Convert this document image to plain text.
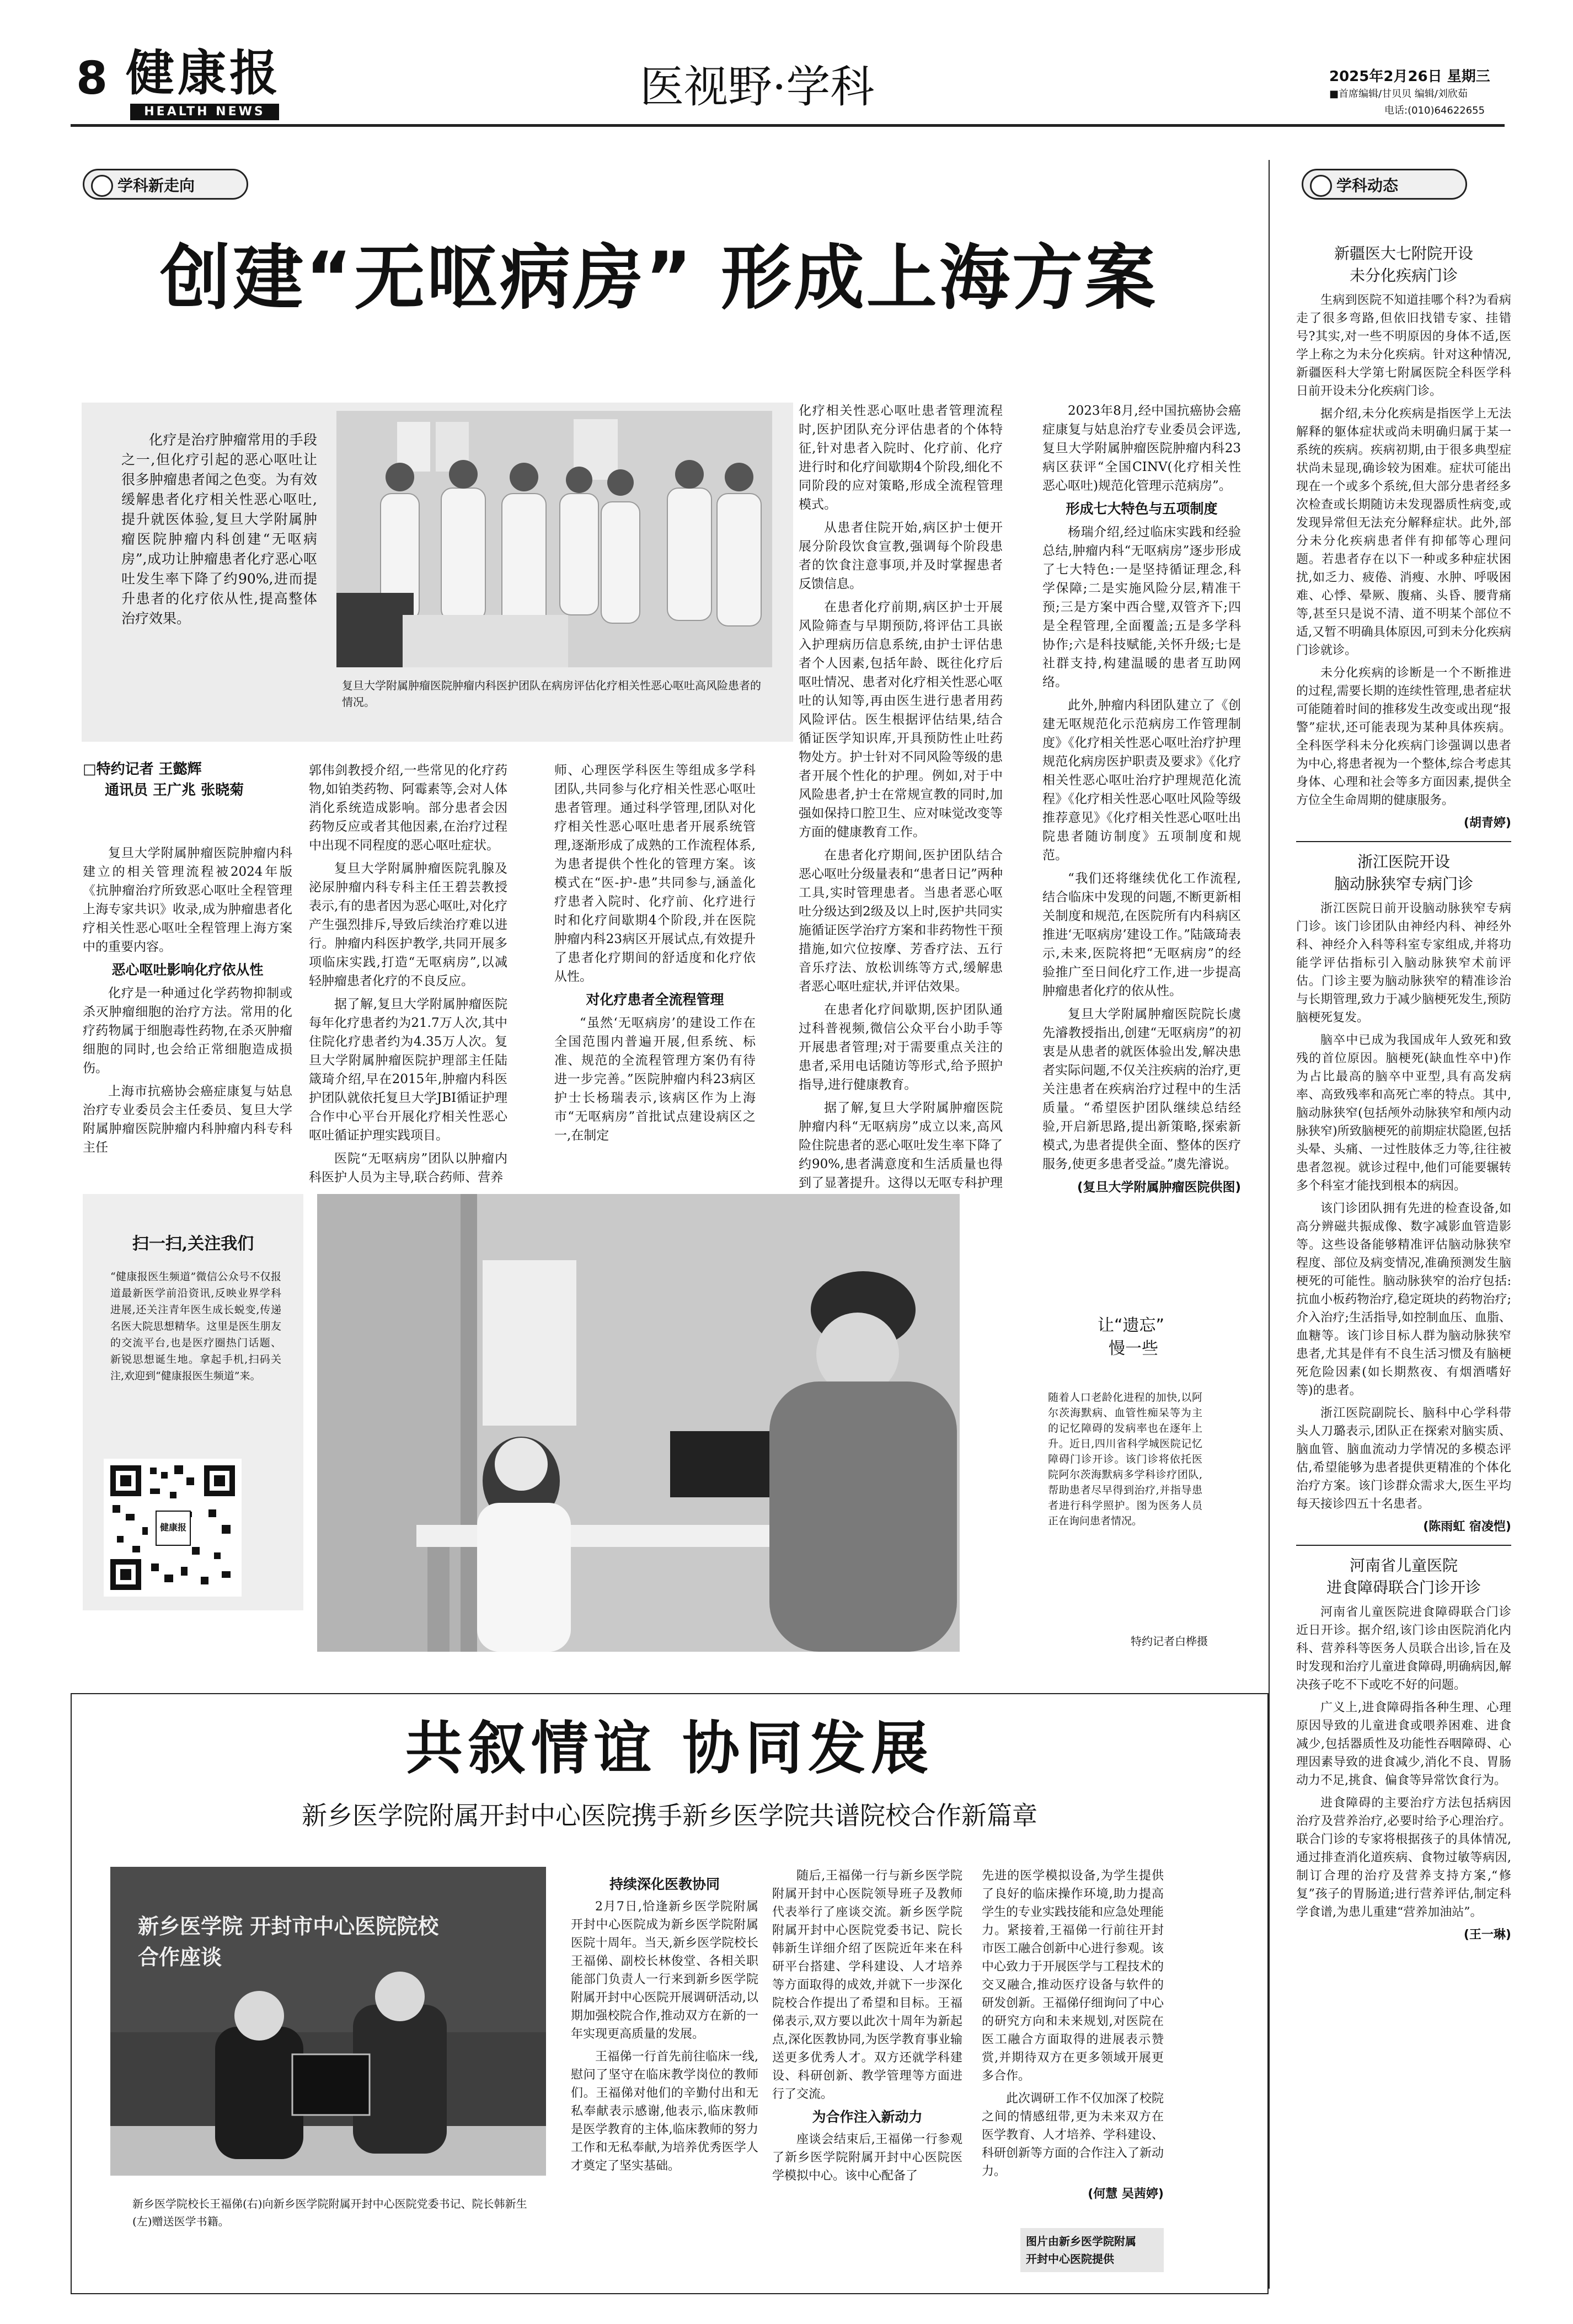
8 健康报
HEALTH NEWS	医视野·学科	2025年2月26日 星期三
■首席编辑/甘贝贝 编辑/刘欣茹
电话:(010)64622655
学科新走向	学科动态
创建“无呕病房” 形成上海方案

化疗是治疗肿瘤常用的手段之一,但化疗引起的恶心呕吐让很多肿瘤患者闻之色变。为有效缓解患者化疗相关性恶心呕吐,提升就医体验,复旦大学附属肿瘤医院肿瘤内科创建“无呕病房”,成功让肿瘤患者化疗恶心呕吐发生率下降了约90%,进而提升患者的化疗依从性,提高整体治疗效果。

复旦大学附属肿瘤医院肿瘤内科医护团队在病房评估化疗相关性恶心呕吐高风险患者的情况。
□特约记者 王懿辉
通讯员 王广兆 张晓菊

复旦大学附属肿瘤医院肿瘤内科建立的相关管理流程被2024年版《抗肿瘤治疗所致恶心呕吐全程管理上海专家共识》收录,成为肿瘤患者化疗相关性恶心呕吐全程管理上海方案中的重要内容。

恶心呕吐影响化疗依从性

化疗是一种通过化学药物抑制或杀灭肿瘤细胞的治疗方法。常用的化疗药物属于细胞毒性药物,在杀灭肿瘤细胞的同时,也会给正常细胞造成损伤。

上海市抗癌协会癌症康复与姑息治疗专业委员会主任委员、复旦大学附属肿瘤医院肿瘤内科肿瘤内科专科主任

郭伟剑教授介绍,一些常见的化疗药物,如铂类药物、阿霉素等,会对人体消化系统造成影响。部分患者会因药物反应或者其他因素,在治疗过程中出现不同程度的恶心呕吐症状。

复旦大学附属肿瘤医院乳腺及泌尿肿瘤内科专科主任王碧芸教授表示,有的患者因为恶心呕吐,对化疗产生强烈排斥,导致后续治疗难以进行。肿瘤内科医护教学,共同开展多项临床实践,打造“无呕病房”,以减轻肿瘤患者化疗的不良反应。

据了解,复旦大学附属肿瘤医院每年化疗患者约为21.7万人次,其中住院化疗患者约为4.35万人次。复旦大学附属肿瘤医院护理部主任陆箴琦介绍,早在2015年,肿瘤内科医护团队就依托复旦大学JBI循证护理合作中心平台开展化疗相关性恶心呕吐循证护理实践项目。

医院“无呕病房”团队以肿瘤内科医护人员为主导,联合药师、营养

师、心理医学科医生等组成多学科团队,共同参与化疗相关性恶心呕吐患者管理。通过科学管理,团队对化疗相关性恶心呕吐患者开展系统管理,逐渐形成了成熟的工作流程体系,为患者提供个性化的管理方案。该模式在“医-护-患”共同参与,涵盖化疗患者入院时、化疗前、化疗进行时和化疗间歇期4个阶段,并在医院肿瘤内科23病区开展试点,有效提升了患者化疗期间的舒适度和化疗依从性。

对化疗患者全流程管理

“虽然‘无呕病房’的建设工作在全国范围内普遍开展,但系统、标准、规范的全流程管理方案仍有待进一步完善。”医院肿瘤内科23病区护士长杨瑞表示,该病区作为上海市“无呕病房”首批试点建设病区之一,在制定

化疗相关性恶心呕吐患者管理流程时,医护团队充分评估患者的个体特征,针对患者入院时、化疗前、化疗进行时和化疗间歇期4个阶段,细化不同阶段的应对策略,形成全流程管理模式。

从患者住院开始,病区护士便开展分阶段饮食宣教,强调每个阶段患者的饮食注意事项,并及时掌握患者反馈信息。

在患者化疗前期,病区护士开展风险筛查与早期预防,将评估工具嵌入护理病历信息系统,由护士评估患者个人因素,包括年龄、既往化疗后呕吐情况、患者对化疗相关性恶心呕吐的认知等,再由医生进行患者用药风险评估。医生根据评估结果,结合循证医学知识库,开具预防性止吐药物处方。护士针对不同风险等级的患者开展个性化的护理。例如,对于中风险患者,护士在常规宣教的同时,加强如保持口腔卫生、应对味觉改变等方面的健康教育工作。

在患者化疗期间,医护团队结合恶心呕吐分级量表和“患者日记”两种工具,实时管理患者。当患者恶心呕吐分级达到2级及以上时,医护共同实施循证医学治疗方案和非药物性干预措施,如穴位按摩、芳香疗法、五行音乐疗法、放松训练等方式,缓解患者恶心呕吐症状,并评估效果。

在患者化疗间歇期,医护团队通过科普视频,微信公众平台小助手等开展患者管理;对于需要重点关注的患者,采用电话随访等形式,给予照护指导,进行健康教育。

据了解,复旦大学附属肿瘤医院肿瘤内科“无呕病房”成立以来,高风险住院患者的恶心呕吐发生率下降了约90%,患者满意度和生活质量也得到了显著提升。这得以无呕专科护理

2023年8月,经中国抗癌协会癌症康复与姑息治疗专业委员会评选,复旦大学附属肿瘤医院肿瘤内科23病区获评“全国CINV(化疗相关性恶心呕吐)规范化管理示范病房”。

形成七大特色与五项制度

杨瑞介绍,经过临床实践和经验总结,肿瘤内科“无呕病房”逐步形成了七大特色:一是坚持循证理念,科学保障;二是实施风险分层,精准干预;三是方案中西合璧,双管齐下;四是全程管理,全面覆盖;五是多学科协作;六是科技赋能,关怀升级;七是社群支持,构建温暖的患者互助网络。

此外,肿瘤内科团队建立了《创建无呕规范化示范病房工作管理制度》《化疗相关性恶心呕吐治疗护理规范化病房医护职责及要求》《化疗相关性恶心呕吐治疗护理规范化流程》《化疗相关性恶心呕吐风险等级推荐意见》《化疗相关性恶心呕吐出院患者随访制度》五项制度和规范。

“我们还将继续优化工作流程,结合临床中发现的问题,不断更新相关制度和规范,在医院所有内科病区推进‘无呕病房’建设工作。”陆箴琦表示,未来,医院将把“无呕病房”的经验推广至日间化疗工作,进一步提高肿瘤患者化疗的依从性。

复旦大学附属肿瘤医院院长虞先濬教授指出,创建“无呕病房”的初衷是从患者的就医体验出发,解决患者实际问题,不仅关注疾病的治疗,更关注患者在疾病治疗过程中的生活质量。“希望医护团队继续总结经验,开启新思路,提出新策略,探索新模式,为患者提供全面、整体的医疗服务,使更多患者受益。”虞先濬说。

(复旦大学附属肿瘤医院供图)

扫一扫,关注我们
“健康报医生频道”微信公众号不仅报道最新医学前沿资讯,反映业界学科进展,还关注青年医生成长蜕变,传递名医大院思想精华。这里是医生朋友的交流平台,也是医疗圈热门话题、新锐思想诞生地。拿起手机,扫码关注,欢迎到“健康报医生频道”来。
健康报
让“遗忘”
慢一些
随着人口老龄化进程的加快,以阿尔茨海默病、血管性痴呆等为主的记忆障碍的发病率也在逐年上升。近日,四川省科学城医院记忆障碍门诊开诊。该门诊将依托医院阿尔茨海默病多学科诊疗团队,帮助患者尽早得到治疗,并指导患者进行科学照护。图为医务人员正在询问患者情况。
特约记者白桦摄

新疆医大七附院开设

未分化疾病门诊

生病到医院不知道挂哪个科?为看病走了很多弯路,但依旧找错专家、挂错号?其实,对一些不明原因的身体不适,医学上称之为未分化疾病。针对这种情况,新疆医科大学第七附属医院全科医学科日前开设未分化疾病门诊。

据介绍,未分化疾病是指医学上无法解释的躯体症状或尚未明确归属于某一系统的疾病。疾病初期,由于很多典型症状尚未显现,确诊较为困难。症状可能出现在一个或多个系统,但大部分患者经多次检查或长期随访未发现器质性病变,或发现异常但无法充分解释症状。此外,部分未分化疾病患者伴有抑郁等心理问题。若患者存在以下一种或多种症状困扰,如乏力、疲倦、消瘦、水肿、呼吸困难、心悸、晕厥、腹痛、头昏、腰背痛等,甚至只是说不清、道不明某个部位不适,又暂不明确具体原因,可到未分化疾病门诊就诊。

未分化疾病的诊断是一个不断推进的过程,需要长期的连续性管理,患者症状可能随着时间的推移发生改变或出现“报警”症状,还可能表现为某种具体疾病。全科医学科未分化疾病门诊强调以患者为中心,将患者视为一个整体,综合考虑其身体、心理和社会等多方面因素,提供全方位全生命周期的健康服务。

(胡青婷)

浙江医院开设

脑动脉狭窄专病门诊

浙江医院日前开设脑动脉狭窄专病门诊。该门诊团队由神经内科、神经外科、神经介入科等科室专家组成,并将功能学评估指标引入脑动脉狭窄术前评估。门诊主要为脑动脉狭窄的精准诊治与长期管理,致力于减少脑梗死发生,预防脑梗死复发。

脑卒中已成为我国成年人致死和致残的首位原因。脑梗死(缺血性卒中)作为占比最高的脑卒中亚型,具有高发病率、高致残率和高死亡率的特点。其中,脑动脉狭窄(包括颅外动脉狭窄和颅内动脉狭窄)所致脑梗死的前期症状隐匿,包括头晕、头痛、一过性肢体乏力等,往往被患者忽视。就诊过程中,他们可能要辗转多个科室才能找到根本的病因。

该门诊团队拥有先进的检查设备,如高分辨磁共振成像、数字减影血管造影等。这些设备能够精准评估脑动脉狭窄程度、部位及病变情况,准确预测发生脑梗死的可能性。脑动脉狭窄的治疗包括:抗血小板药物治疗,稳定斑块的药物治疗;介入治疗;生活指导,如控制血压、血脂、血糖等。该门诊目标人群为脑动脉狭窄患者,尤其是伴有不良生活习惯及有脑梗死危险因素(如长期熬夜、有烟酒嗜好等)的患者。

浙江医院副院长、脑科中心学科带头人刀璐表示,团队正在探索对脑实质、脑血管、脑血流动力学情况的多模态评估,希望能够为患者提供更精准的个体化治疗方案。该门诊群众需求大,医生平均每天接诊四五十名患者。

(陈雨虹 宿凌恺)

河南省儿童医院

进食障碍联合门诊开诊

河南省儿童医院进食障碍联合门诊近日开诊。据介绍,该门诊由医院消化内科、营养科等医务人员联合出诊,旨在及时发现和治疗儿童进食障碍,明确病因,解决孩子吃不下或吃不好的问题。

广义上,进食障碍指各种生理、心理原因导致的儿童进食或喂养困难、进食减少,包括器质性及功能性吞咽障碍、心理因素导致的进食减少,消化不良、胃肠动力不足,挑食、偏食等异常饮食行为。

进食障碍的主要治疗方法包括病因治疗及营养治疗,必要时给予心理治疗。联合门诊的专家将根据孩子的具体情况,通过排查消化道疾病、食物过敏等病因,制订合理的治疗及营养支持方案,“修复”孩子的胃肠道;进行营养评估,制定科学食谱,为患儿重建“营养加油站”。

(王一琳)

共叙情谊 协同发展
新乡医学院附属开封中心医院携手新乡医学院共谱院校合作新篇章
新乡医学院 开封市中心医院院校合作座谈
新乡医学院校长王福俤(右)向新乡医学院附属开封中心医院党委书记、院长韩新生(左)赠送医学书籍。

持续深化医教协同

2月7日,恰逢新乡医学院附属开封中心医院成为新乡医学院附属医院十周年。当天,新乡医学院校长王福俤、副校长林俊堂、各相关职能部门负责人一行来到新乡医学院附属开封中心医院开展调研活动,以期加强校院合作,推动双方在新的一年实现更高质量的发展。

王福俤一行首先前往临床一线,慰问了坚守在临床教学岗位的教师们。王福俤对他们的辛勤付出和无私奉献表示感谢,他表示,临床教师是医学教育的主体,临床教师的努力工作和无私奉献,为培养优秀医学人才奠定了坚实基础。

随后,王福俤一行与新乡医学院附属开封中心医院领导班子及教师代表举行了座谈交流。新乡医学院附属开封中心医院党委书记、院长韩新生详细介绍了医院近年来在科研平台搭建、学科建设、人才培养等方面取得的成效,并就下一步深化院校合作提出了希望和目标。王福俤表示,双方要以此次十周年为新起点,深化医教协同,为医学教育事业输送更多优秀人才。双方还就学科建设、科研创新、教学管理等方面进行了交流。

为合作注入新动力

座谈会结束后,王福俤一行参观了新乡医学院附属开封中心医院医学模拟中心。该中心配备了

先进的医学模拟设备,为学生提供了良好的临床操作环境,助力提高学生的专业实践技能和应急处理能力。紧接着,王福俤一行前往开封市医工融合创新中心进行参观。该中心致力于开展医学与工程技术的交叉融合,推动医疗设备与软件的研发创新。王福俤仔细询问了中心的研究方向和未来规划,对医院在医工融合方面取得的进展表示赞赏,并期待双方在更多领域开展更多合作。

此次调研工作不仅加深了校院之间的情感纽带,更为未来双方在医学教育、人才培养、学科建设、科研创新等方面的合作注入了新动力。

(何慧 吴茜婷)

图片由新乡医学院附属
开封中心医院提供
